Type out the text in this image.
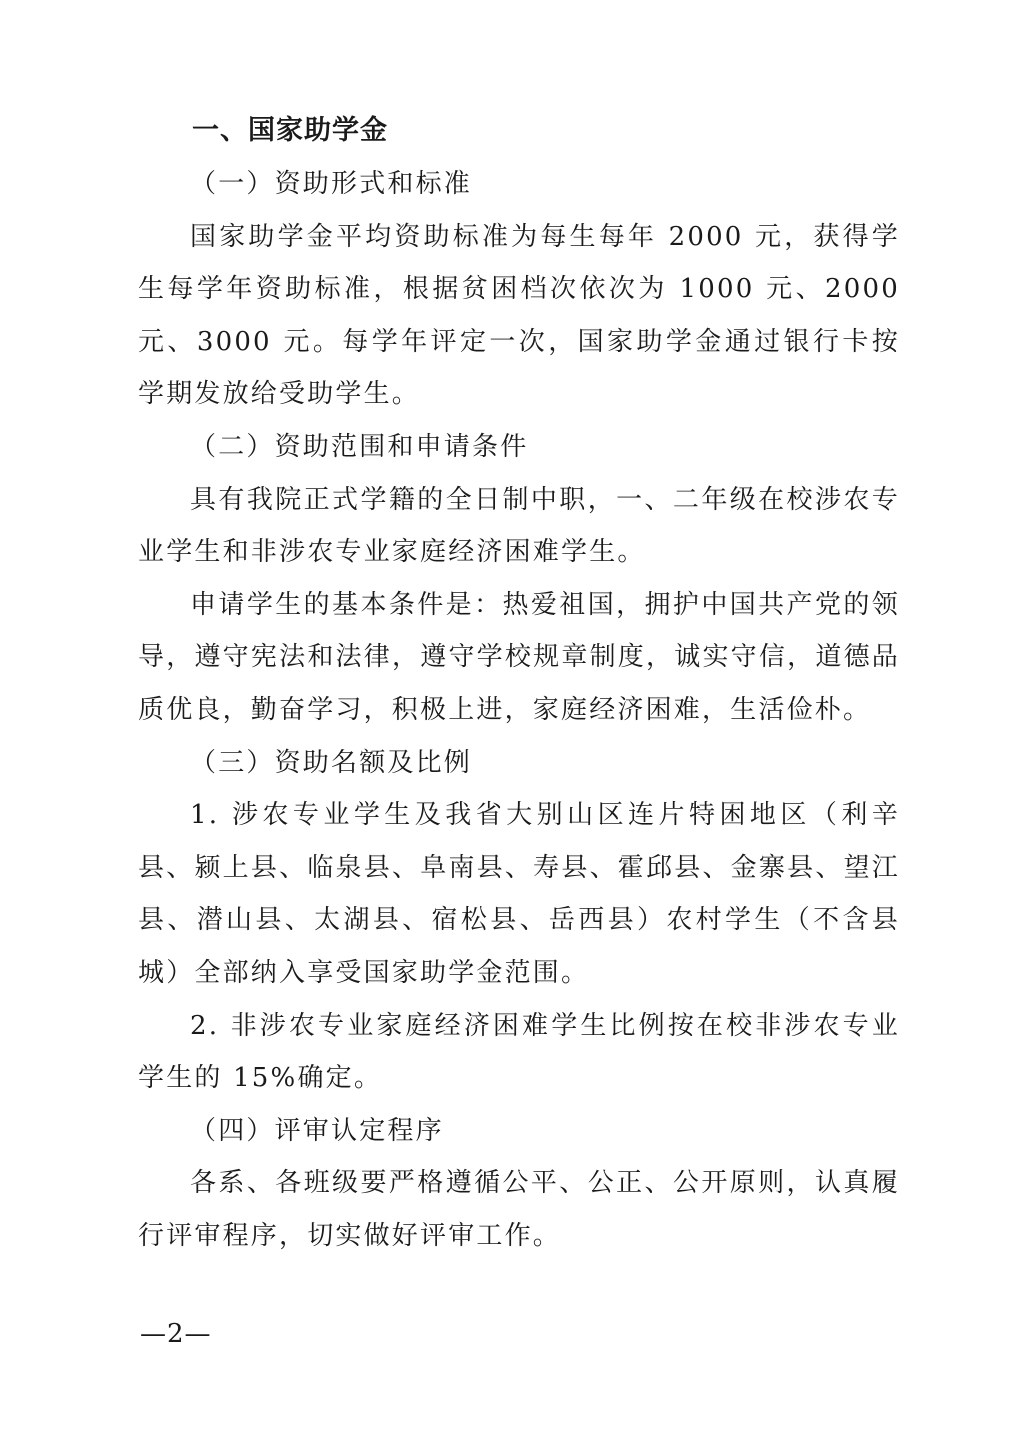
一、国家助学金

（一）资助形式和标准

国家助学金平均资助标准为每生每年 2000 元，获得学生每学年资助标准，根据贫困档次依次为 1000 元、2000 元、3000 元。每学年评定一次，国家助学金通过银行卡按学期发放给受助学生。

（二）资助范围和申请条件

具有我院正式学籍的全日制中职，一、二年级在校涉农专业学生和非涉农专业家庭经济困难学生。

申请学生的基本条件是：热爱祖国，拥护中国共产党的领导，遵守宪法和法律，遵守学校规章制度，诚实守信，道德品质优良，勤奋学习，积极上进，家庭经济困难，生活俭朴。

（三）资助名额及比例

1. 涉农专业学生及我省大别山区连片特困地区（利辛县、颍上县、临泉县、阜南县、寿县、霍邱县、金寨县、望江县、潜山县、太湖县、宿松县、岳西县）农村学生（不含县城）全部纳入享受国家助学金范围。

2. 非涉农专业家庭经济困难学生比例按在校非涉农专业学生的 15%确定。

（四）评审认定程序

各系、各班级要严格遵循公平、公正、公开原则，认真履行评审程序，切实做好评审工作。

—2—
